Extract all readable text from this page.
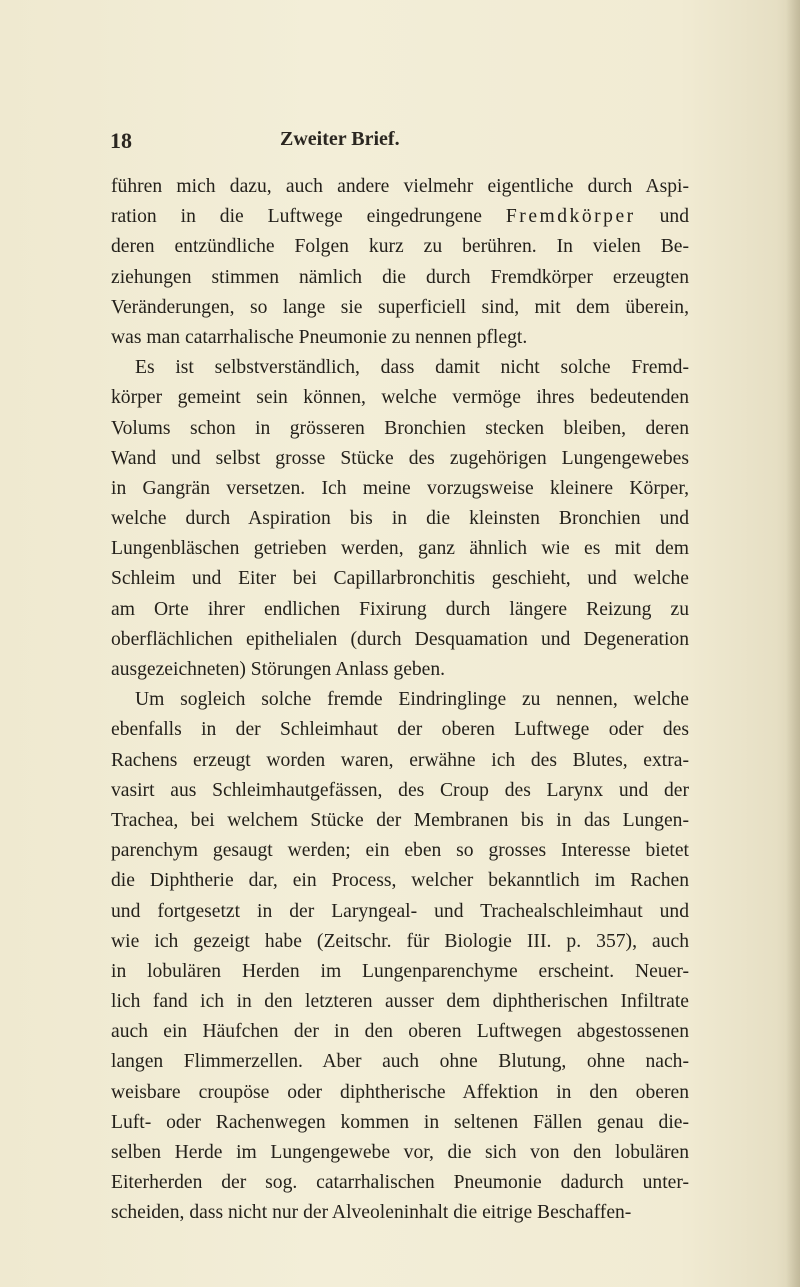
18	Zweiter Brief.
führen mich dazu, auch andere vielmehr eigentliche durch Aspi-
ration in die Luftwege eingedrungene Fremdkörper und
deren entzündliche Folgen kurz zu berühren. In vielen Be-
ziehungen stimmen nämlich die durch Fremdkörper erzeugten
Veränderungen, so lange sie superficiell sind, mit dem überein,
was man catarrhalische Pneumonie zu nennen pflegt.
Es ist selbstverständlich, dass damit nicht solche Fremd-
körper gemeint sein können, welche vermöge ihres bedeutenden
Volums schon in grösseren Bronchien stecken bleiben, deren
Wand und selbst grosse Stücke des zugehörigen Lungengewebes
in Gangrän versetzen. Ich meine vorzugsweise kleinere Körper,
welche durch Aspiration bis in die kleinsten Bronchien und
Lungenbläschen getrieben werden, ganz ähnlich wie es mit dem
Schleim und Eiter bei Capillarbronchitis geschieht, und welche
am Orte ihrer endlichen Fixirung durch längere Reizung zu
oberflächlichen epithelialen (durch Desquamation und Degeneration
ausgezeichneten) Störungen Anlass geben.
Um sogleich solche fremde Eindringlinge zu nennen, welche
ebenfalls in der Schleimhaut der oberen Luftwege oder des
Rachens erzeugt worden waren, erwähne ich des Blutes, extra-
vasirt aus Schleimhautgefässen, des Croup des Larynx und der
Trachea, bei welchem Stücke der Membranen bis in das Lungen-
parenchym gesaugt werden; ein eben so grosses Interesse bietet
die Diphtherie dar, ein Process, welcher bekanntlich im Rachen
und fortgesetzt in der Laryngeal- und Trachealschleimhaut und
wie ich gezeigt habe (Zeitschr. für Biologie III. p. 357), auch
in lobulären Herden im Lungenparenchyme erscheint. Neuer-
lich fand ich in den letzteren ausser dem diphtherischen Infiltrate
auch ein Häufchen der in den oberen Luftwegen abgestossenen
langen Flimmerzellen. Aber auch ohne Blutung, ohne nach-
weisbare croupöse oder diphtherische Affektion in den oberen
Luft- oder Rachenwegen kommen in seltenen Fällen genau die-
selben Herde im Lungengewebe vor, die sich von den lobulären
Eiterherden der sog. catarrhalischen Pneumonie dadurch unter-
scheiden, dass nicht nur der Alveoleninhalt die eitrige Beschaffen-
